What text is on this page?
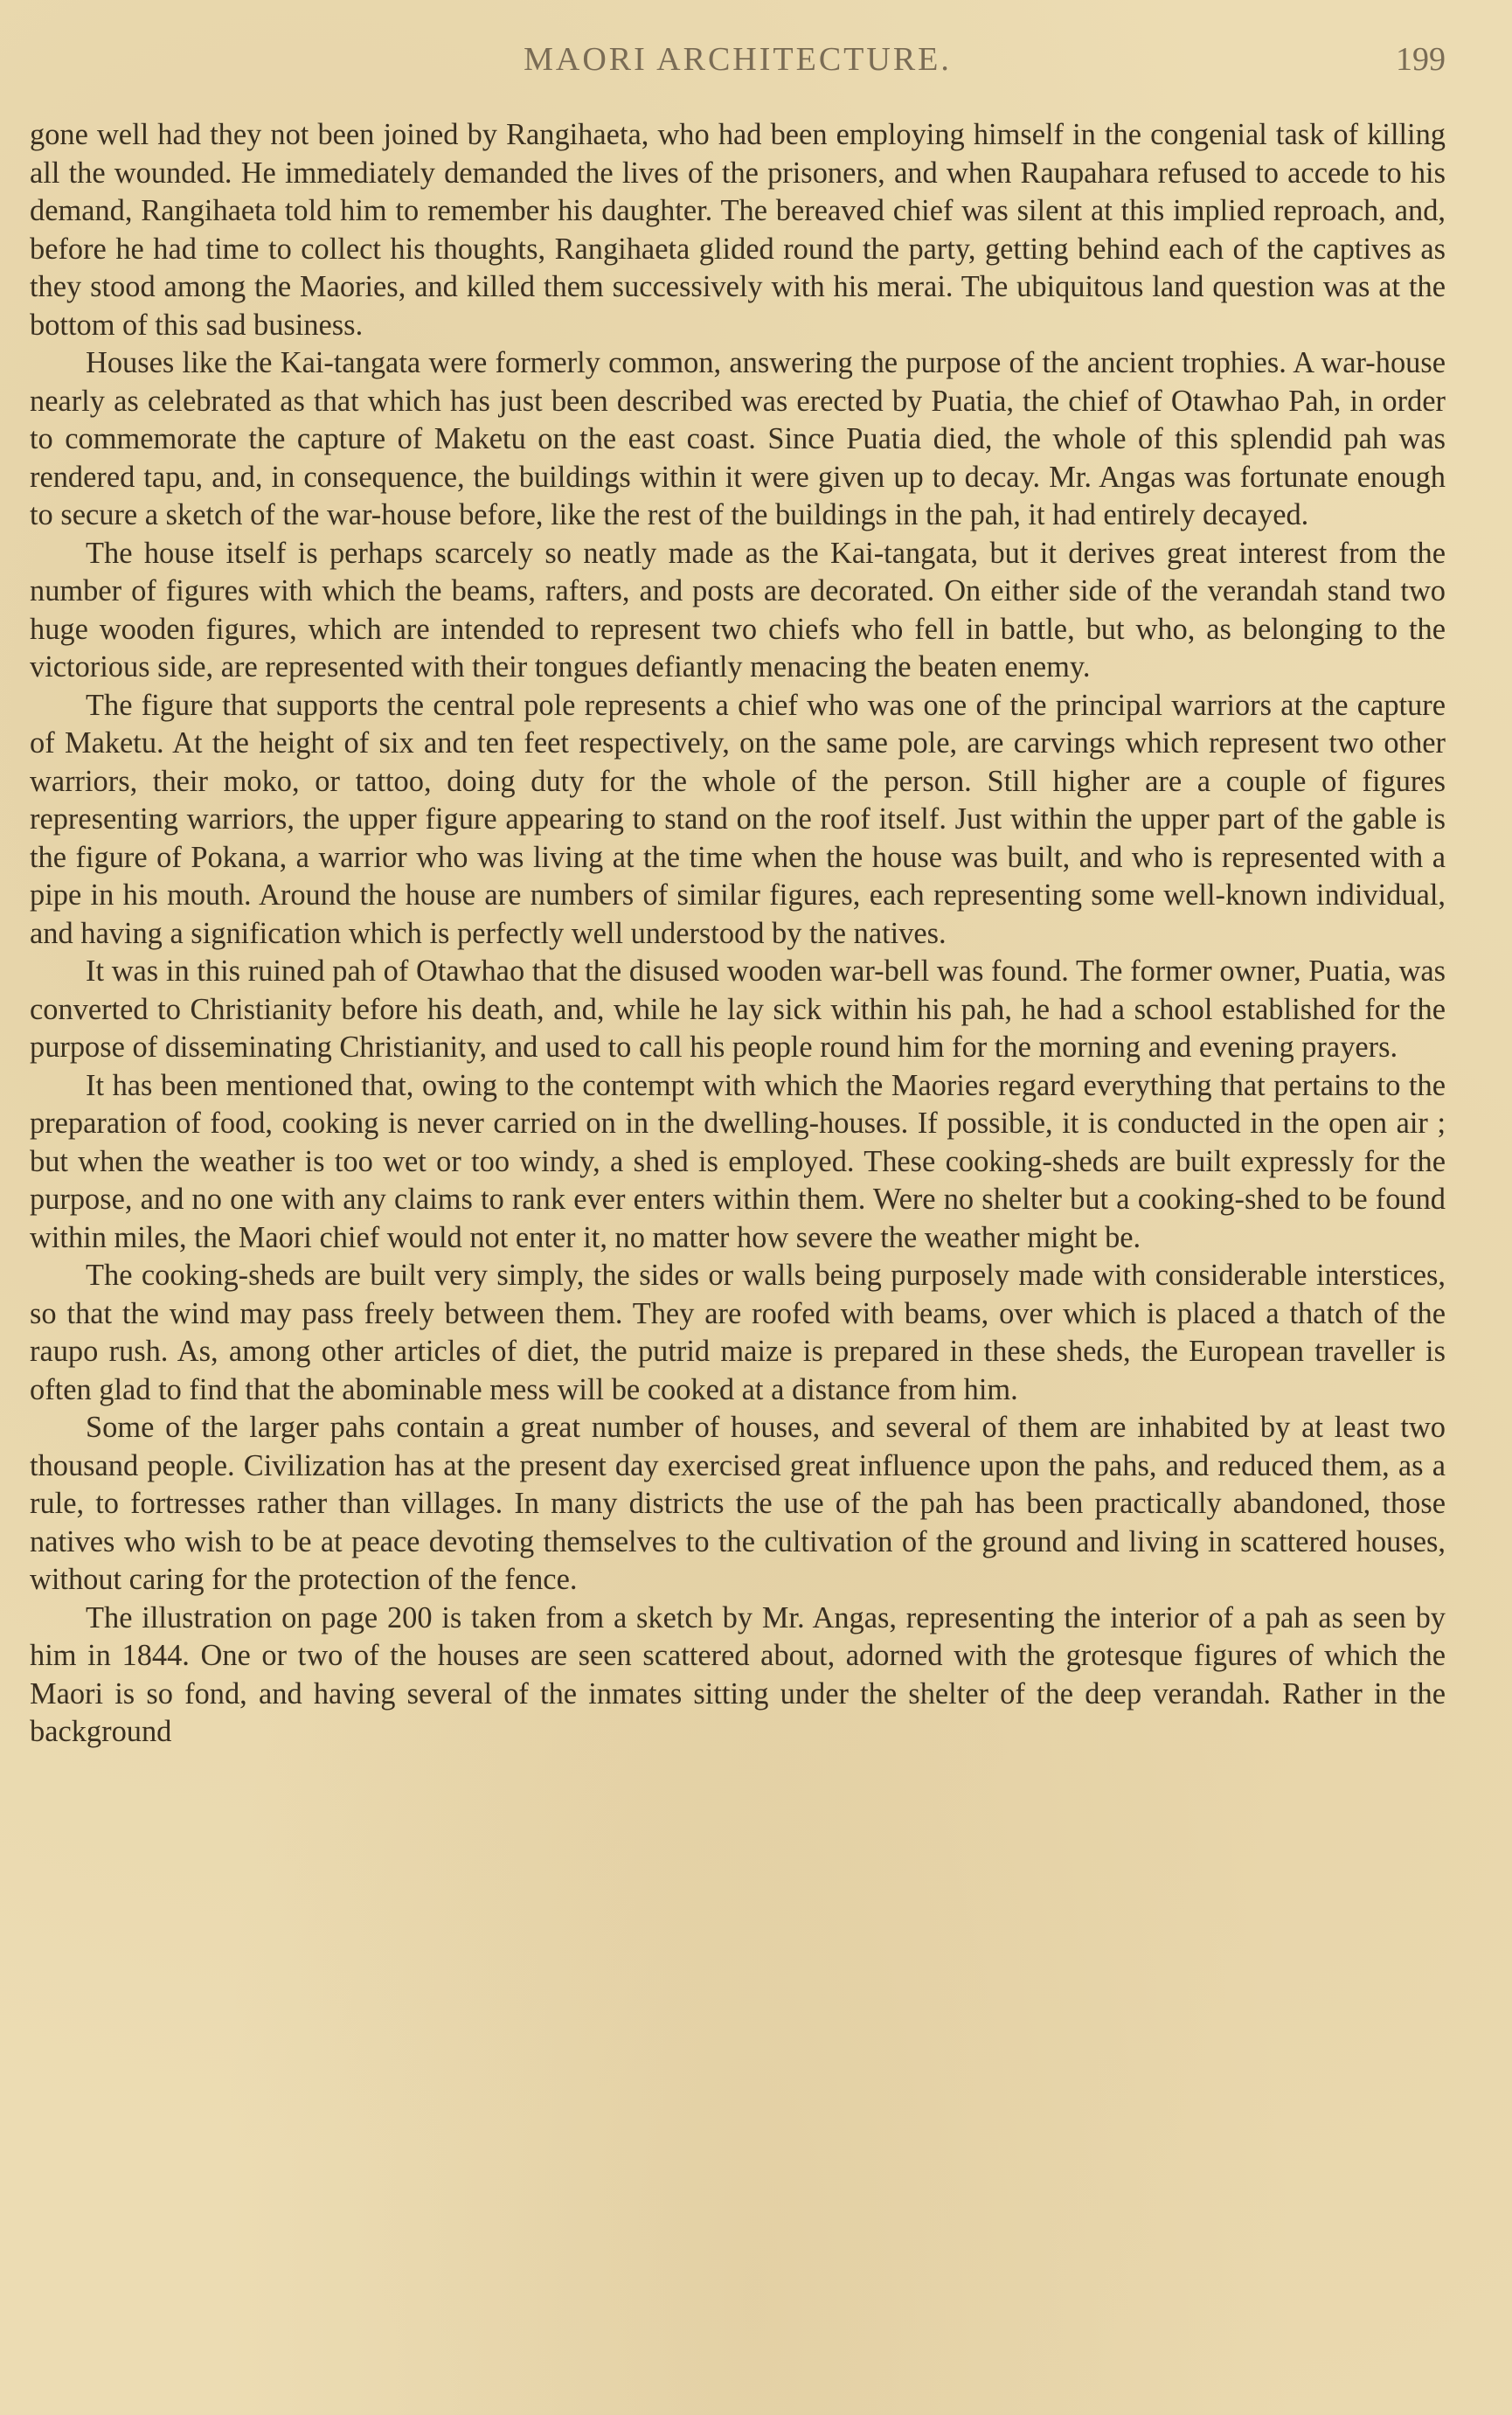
MAORI ARCHITECTURE.	199

gone well had they not been joined by Rangihaeta, who had been employing himself in the congenial task of killing all the wounded. He immediately demanded the lives of the prisoners, and when Raupahara refused to accede to his demand, Rangihaeta told him to remember his daughter. The bereaved chief was silent at this implied reproach, and, before he had time to collect his thoughts, Rangihaeta glided round the party, getting behind each of the captives as they stood among the Maories, and killed them successively with his merai. The ubiquitous land question was at the bottom of this sad business.

Houses like the Kai-tangata were formerly common, answering the purpose of the ancient trophies. A war-house nearly as celebrated as that which has just been described was erected by Puatia, the chief of Otawhao Pah, in order to commemorate the capture of Maketu on the east coast. Since Puatia died, the whole of this splendid pah was rendered tapu, and, in consequence, the buildings within it were given up to decay. Mr. Angas was fortunate enough to secure a sketch of the war-house before, like the rest of the buildings in the pah, it had entirely decayed.

The house itself is perhaps scarcely so neatly made as the Kai-tangata, but it derives great interest from the number of figures with which the beams, rafters, and posts are decorated. On either side of the verandah stand two huge wooden figures, which are intended to represent two chiefs who fell in battle, but who, as belonging to the victorious side, are represented with their tongues defiantly menacing the beaten enemy.

The figure that supports the central pole represents a chief who was one of the principal warriors at the capture of Maketu. At the height of six and ten feet respectively, on the same pole, are carvings which represent two other warriors, their moko, or tattoo, doing duty for the whole of the person. Still higher are a couple of figures representing warriors, the upper figure appearing to stand on the roof itself. Just within the upper part of the gable is the figure of Pokana, a warrior who was living at the time when the house was built, and who is represented with a pipe in his mouth. Around the house are numbers of similar figures, each representing some well-known individual, and having a signification which is perfectly well understood by the natives.

It was in this ruined pah of Otawhao that the disused wooden war-bell was found. The former owner, Puatia, was converted to Christianity before his death, and, while he lay sick within his pah, he had a school established for the purpose of disseminating Christianity, and used to call his people round him for the morning and evening prayers.

It has been mentioned that, owing to the contempt with which the Maories regard everything that pertains to the preparation of food, cooking is never carried on in the dwelling-houses. If possible, it is conducted in the open air ; but when the weather is too wet or too windy, a shed is employed. These cooking-sheds are built expressly for the purpose, and no one with any claims to rank ever enters within them. Were no shelter but a cooking-shed to be found within miles, the Maori chief would not enter it, no matter how severe the weather might be.

The cooking-sheds are built very simply, the sides or walls being purposely made with considerable interstices, so that the wind may pass freely between them. They are roofed with beams, over which is placed a thatch of the raupo rush. As, among other articles of diet, the putrid maize is prepared in these sheds, the European traveller is often glad to find that the abominable mess will be cooked at a distance from him.

Some of the larger pahs contain a great number of houses, and several of them are inhabited by at least two thousand people. Civilization has at the present day exercised great influence upon the pahs, and reduced them, as a rule, to fortresses rather than villages. In many districts the use of the pah has been practically abandoned, those natives who wish to be at peace devoting themselves to the cultivation of the ground and living in scattered houses, without caring for the protection of the fence.

The illustration on page 200 is taken from a sketch by Mr. Angas, representing the interior of a pah as seen by him in 1844. One or two of the houses are seen scattered about, adorned with the grotesque figures of which the Maori is so fond, and having several of the inmates sitting under the shelter of the deep verandah. Rather in the background
